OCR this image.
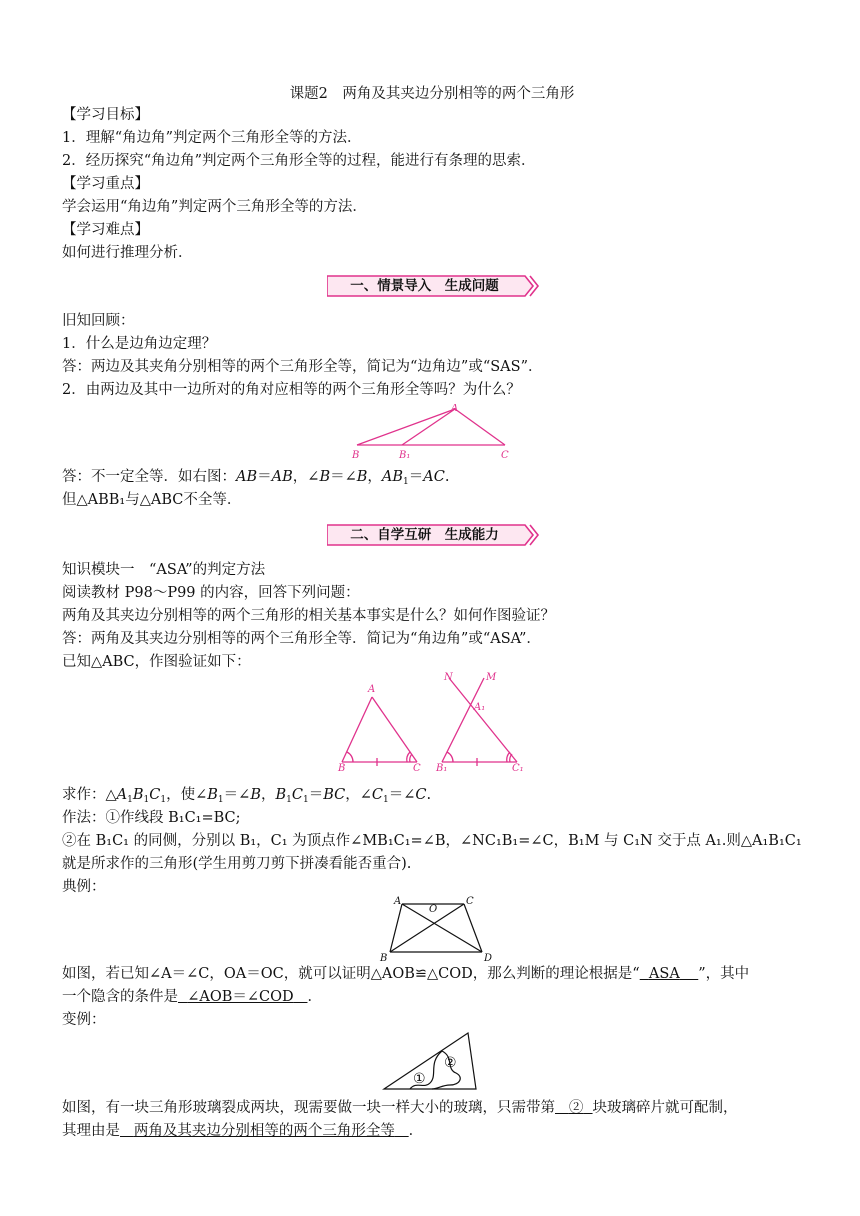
课题2　两角及其夹边分别相等的两个三角形
【学习目标】
1．理解“角边角”判定两个三角形全等的方法．
2．经历探究“角边角”判定两个三角形全等的过程，能进行有条理的思索．
【学习重点】
学会运用“角边角”判定两个三角形全等的方法．
【学习难点】
如何进行推理分析．
一、情景导入　生成问题
旧知回顾：
1．什么是边角边定理？
答：两边及其夹角分别相等的两个三角形全等，简记为“边角边”或“SAS”．
2．由两边及其中一边所对的角对应相等的两个三角形全等吗？为什么？
A
B	B₁	C
答：不一定全等．如右图：AB＝AB，∠B＝∠B，$AB_1=AC$.
但△ABB₁与△ABC不全等．
二、自学互研　生成能力
知识模块一　“ASA”的判定方法
阅读教材 P98～P99 的内容，回答下列问题：
两角及其夹边分别相等的两个三角形的相关基本事实是什么？如何作图验证？
答：两角及其夹边分别相等的两个三角形全等．简记为“角边角”或“ASA”．
已知△ABC，作图验证如下：
A
B	C
N	M
A₁
B₁	C₁
求作：$\triangle A_1B_1C_1$，使$\angle B_1=\angle B$，$B_1C_1=BC$，$\angle C_1=\angle C$.
作法：①作线段 B₁C₁=BC;
②在 B₁C₁ 的同侧，分别以 B₁，C₁ 为顶点作∠MB₁C₁=∠B，∠NC₁B₁=∠C，B₁M 与 C₁N 交于点 A₁.则△A₁B₁C₁
就是所求作的三角形(学生用剪刀剪下拼凑看能否重合).
典例：
A
O
C
B	D
如图，若已知∠A＝∠C，OA＝OC，就可以证明△AOB≌△COD，那么判断的理论根据是“ ASA ”，其中
一个隐含的条件是 ∠AOB＝∠COD ．
变例：
①
②
如图，有一块三角形玻璃裂成两块，现需要做一块一样大小的玻璃，只需带第 ② 块玻璃碎片就可配制，
其理由是 两角及其夹边分别相等的两个三角形全等 ．
